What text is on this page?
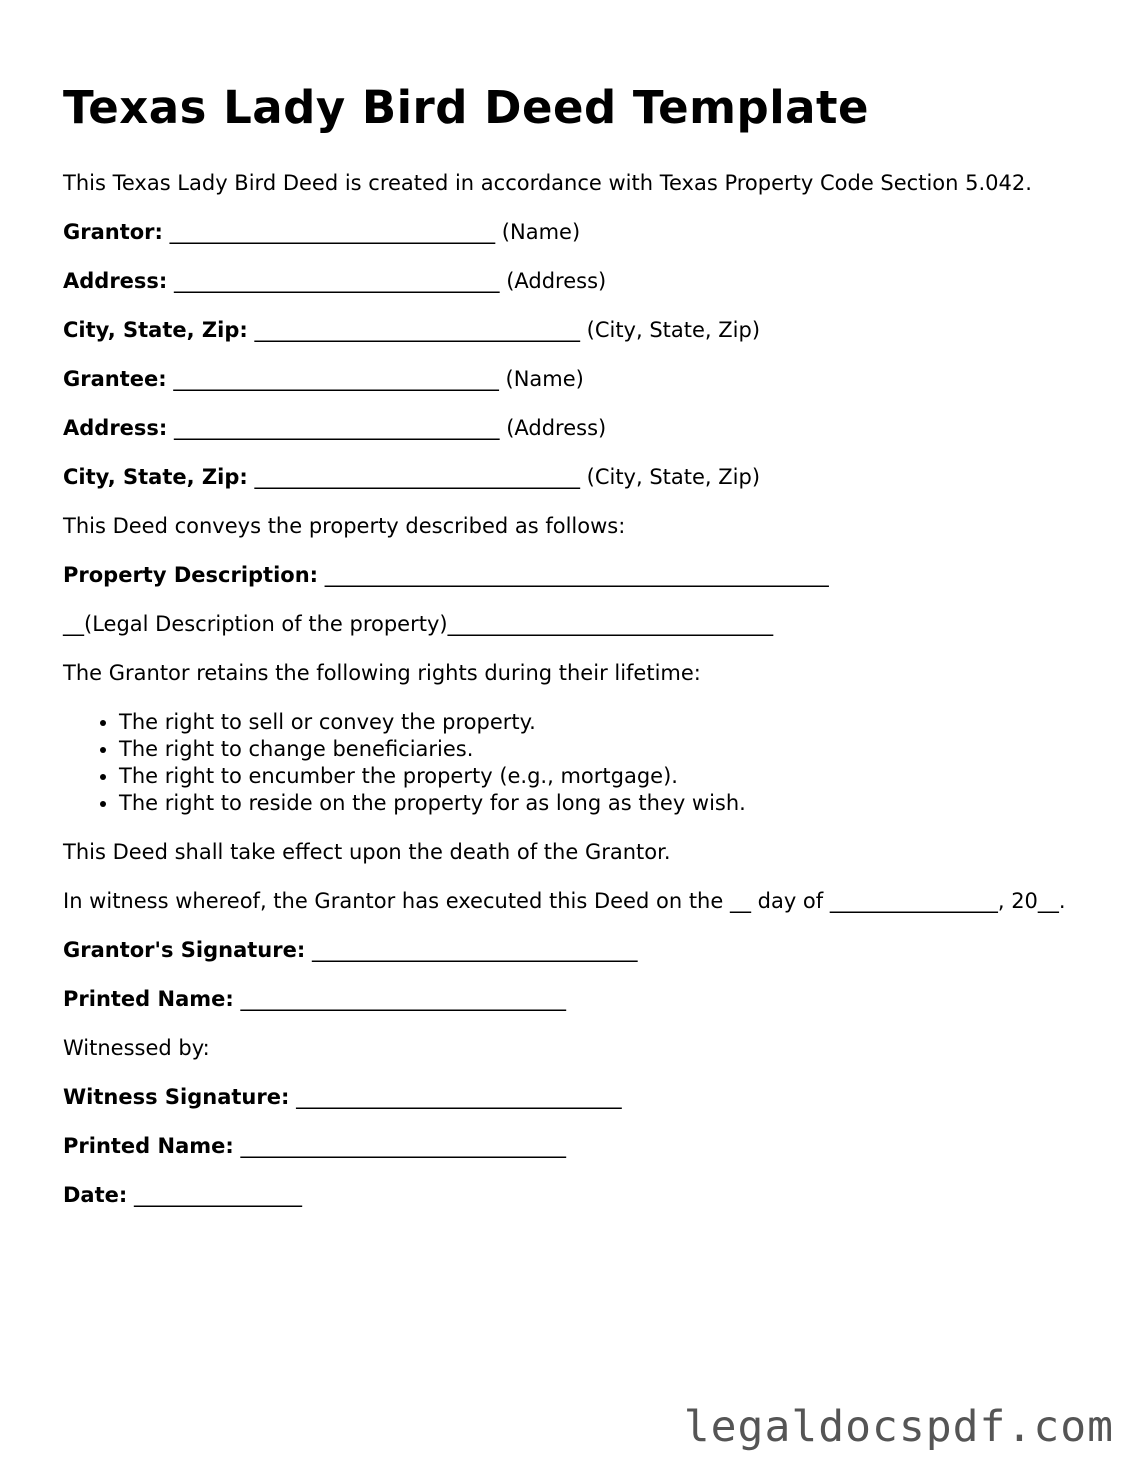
Texas Lady Bird Deed Template

This Texas Lady Bird Deed is created in accordance with Texas Property Code Section 5.042.

Grantor: _______________________________ (Name)

Address: _______________________________ (Address)

City, State, Zip: _______________________________ (City, State, Zip)

Grantee: _______________________________ (Name)

Address: _______________________________ (Address)

City, State, Zip: _______________________________ (City, State, Zip)

This Deed conveys the property described as follows:

Property Description: ________________________________________________

__(Legal Description of the property)_______________________________

The Grantor retains the following rights during their lifetime:

• The right to sell or convey the property.
• The right to change beneficiaries.
• The right to encumber the property (e.g., mortgage).
• The right to reside on the property for as long as they wish.

This Deed shall take effect upon the death of the Grantor.

In witness whereof, the Grantor has executed this Deed on the __ day of ________________, 20__.

Grantor's Signature: _______________________________

Printed Name: _______________________________

Witnessed by:

Witness Signature: _______________________________

Printed Name: _______________________________

Date: ________________

legaldocspdf.com
